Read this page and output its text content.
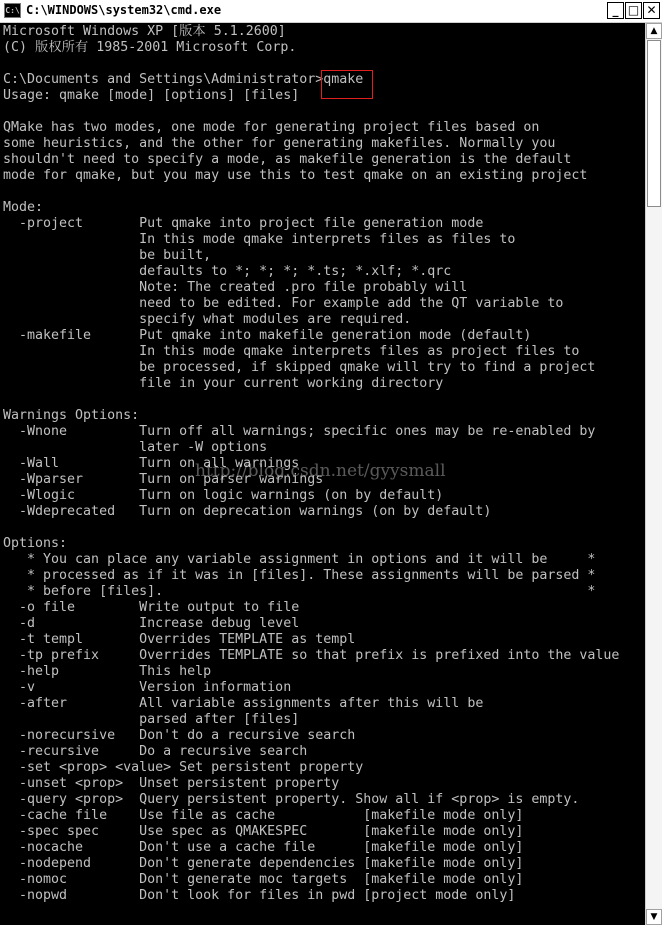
C:\ C:\WINDOWS\system32\cmd.exe	_ □ ✕
Microsoft Windows XP [版本 5.1.2600]
(C) 版权所有 1985-2001 Microsoft Corp.
C:\Documents and Settings\Administrator>qmake
Usage: qmake [mode] [options] [files]
QMake has two modes, one mode for generating project files based on
some heuristics, and the other for generating makefiles. Normally you
shouldn't need to specify a mode, as makefile generation is the default
mode for qmake, but you may use this to test qmake on an existing project
Mode:
-project       Put qmake into project file generation mode
In this mode qmake interprets files as files to
be built,
defaults to *; *; *; *.ts; *.xlf; *.qrc
Note: The created .pro file probably will
need to be edited. For example add the QT variable to
specify what modules are required.
-makefile      Put qmake into makefile generation mode (default)
In this mode qmake interprets files as project files to
be processed, if skipped qmake will try to find a project
file in your current working directory
Warnings Options:
-Wnone         Turn off all warnings; specific ones may be re-enabled by
later -W options
-Wall          Turn on all warnings
-Wparser       Turn on parser warnings
-Wlogic        Turn on logic warnings (on by default)
-Wdeprecated   Turn on deprecation warnings (on by default)
Options:
* You can place any variable assignment in options and it will be     *
* processed as if it was in [files]. These assignments will be parsed *
* before [files].                                                     *
-o file        Write output to file
-d             Increase debug level
-t templ       Overrides TEMPLATE as templ
-tp prefix     Overrides TEMPLATE so that prefix is prefixed into the value
-help          This help
-v             Version information
-after         All variable assignments after this will be
parsed after [files]
-norecursive   Don't do a recursive search
-recursive     Do a recursive search
-set <prop> <value> Set persistent property
-unset <prop>  Unset persistent property
-query <prop>  Query persistent property. Show all if <prop> is empty.
-cache file    Use file as cache           [makefile mode only]
-spec spec     Use spec as QMAKESPEC       [makefile mode only]
-nocache       Don't use a cache file      [makefile mode only]
-nodepend      Don't generate dependencies [makefile mode only]
-nomoc         Don't generate moc targets  [makefile mode only]
-nopwd         Don't look for files in pwd [project mode only]
http://blog.csdn.net/gyysmall
▲
▼
